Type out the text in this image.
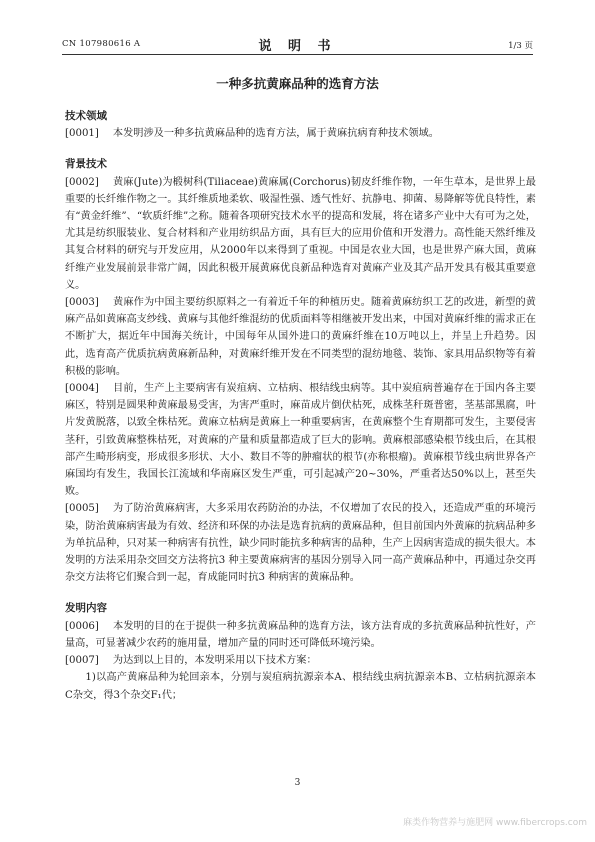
CN 107980616 A	说 明 书	1/3 页
一种多抗黄麻品种的选育方法
技术领域

[0001] 本发明涉及一种多抗黄麻品种的选育方法，属于黄麻抗病育种技术领域。

背景技术

[0002] 黄麻(Jute)为椴树科(Tiliaceae)黄麻属(Corchorus)韧皮纤维作物，一年生草本，是世界上最重要的长纤维作物之一。其纤维质地柔软、吸湿性强、透气性好、抗静电、抑菌、易降解等优良特性，素有“黄金纤维”、“软质纤维”之称。随着各项研究技术水平的提高和发展，将在诸多产业中大有可为之处，尤其是纺织服装业、复合材料和产业用纺织品方面，具有巨大的应用价值和开发潜力。高性能天然纤维及其复合材料的研究与开发应用，从2000年以来得到了重视。中国是农业大国，也是世界产麻大国，黄麻纤维产业发展前景非常广阔，因此积极开展黄麻优良新品种选育对黄麻产业及其产品开发具有极其重要意义。

[0003] 黄麻作为中国主要纺织原料之一有着近千年的种植历史。随着黄麻纺织工艺的改进，新型的黄麻产品如黄麻高支纱线、黄麻与其他纤维混纺的优质面料等相继被开发出来，中国对黄麻纤维的需求正在不断扩大，据近年中国海关统计，中国每年从国外进口的黄麻纤维在10万吨以上，并呈上升趋势。因此，选育高产优质抗病黄麻新品种，对黄麻纤维开发在不同类型的混纺地毯、装饰、家具用品织物等有着积极的影响。

[0004] 目前，生产上主要病害有炭疽病、立枯病、根结线虫病等。其中炭疽病普遍存在于国内各主要麻区，特别是圆果种黄麻最易受害，为害严重时，麻苗成片倒伏枯死，成株茎秆斑普密，茎基部黑腐，叶片发黄脱落，以致全株枯死。黄麻立枯病是黄麻上一种重要病害，在黄麻整个生育期都可发生，主要侵害茎秆，引致黄麻整株枯死，对黄麻的产量和质量都造成了巨大的影响。黄麻根部感染根节线虫后，在其根部产生畸形病变，形成很多形状、大小、数目不等的肿瘤状的根节(亦称根瘤)。黄麻根节线虫病世界各产麻国均有发生，我国长江流域和华南麻区发生严重，可引起减产20~30%，严重者达50%以上，甚至失败。

[0005] 为了防治黄麻病害，大多采用农药防治的办法，不仅增加了农民的投入，还造成严重的环境污染，防治黄麻病害最为有效、经济和环保的办法是选育抗病的黄麻品种，但目前国内外黄麻的抗病品种多为单抗品种，只对某一种病害有抗性，缺少同时能抗多种病害的品种，生产上因病害造成的损失很大。本发明的方法采用杂交回交方法将抗3 种主要黄麻病害的基因分别导入同一高产黄麻品种中，再通过杂交再杂交方法将它们聚合到一起，育成能同时抗3 种病害的黄麻品种。

发明内容

[0006] 本发明的目的在于提供一种多抗黄麻品种的选育方法，该方法育成的多抗黄麻品种抗性好，产量高，可显著减少农药的施用量，增加产量的同时还可降低环境污染。

[0007] 为达到以上目的，本发明采用以下技术方案：

1)以高产黄麻品种为轮回亲本，分别与炭疽病抗源亲本A、根结线虫病抗源亲本B、立枯病抗源亲本C杂交，得3个杂交F₁代；

3
麻类作物营养与施肥网 www.fibercrops.com
